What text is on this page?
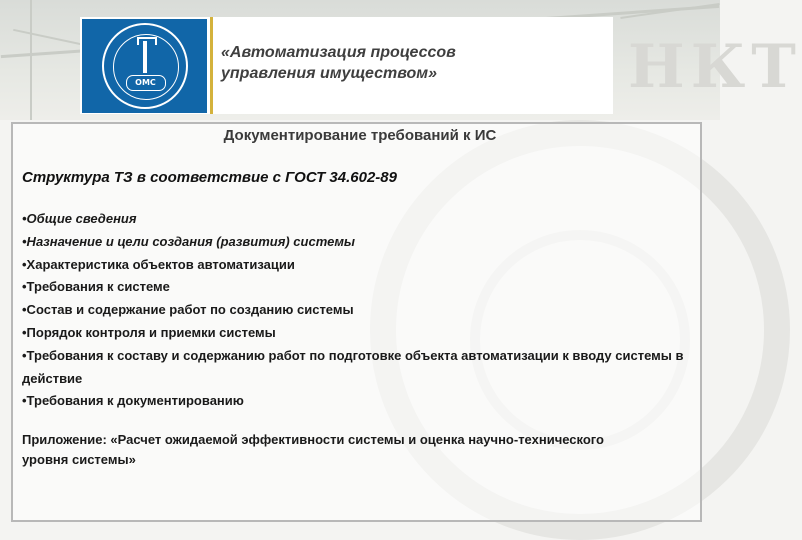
НКТ
ОМС
«Автоматизация процессов
управления имуществом»
Документирование требований к ИС
Структура ТЗ в соответствие с ГОСТ 34.602-89
•Общие сведения
•Назначение и цели создания (развития) системы
•Характеристика объектов автоматизации
•Требования к системе
•Состав и содержание работ по созданию системы
•Порядок контроля и приемки системы
•Требования к составу и содержанию работ по подготовке объекта автоматизации к вводу системы в действие
•Требования к документированию
Приложение: «Расчет ожидаемой эффективности системы и оценка научно-технического уровня системы»
